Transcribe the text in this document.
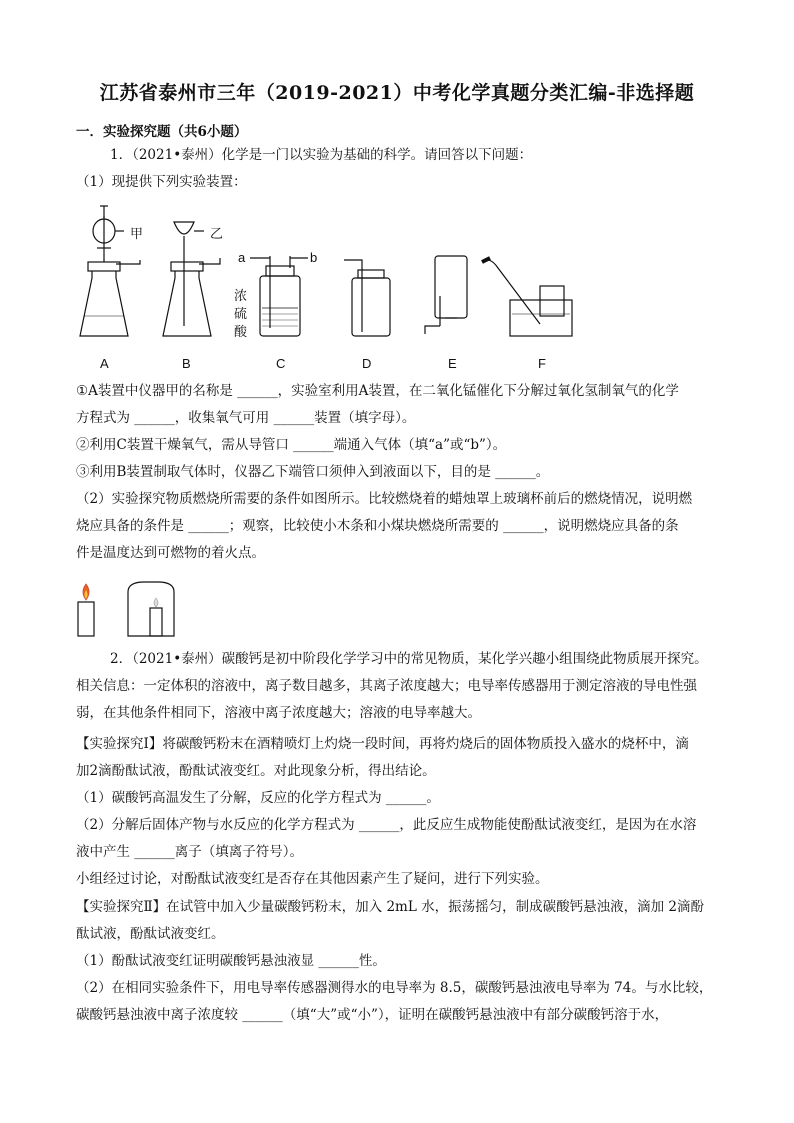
江苏省泰州市三年（2019-2021）中考化学真题分类汇编-非选择题
一．实验探究题（共6小题）
1．（2021•泰州）化学是一门以实验为基础的科学。请回答以下问题：
（1）现提供下列实验装置：
甲	乙
a	b
浓
硫
酸
A	B	C	D	E	F
①A装置中仪器甲的名称是 ______，实验室利用A装置，在二氧化锰催化下分解过氧化氢制氧气的化学
方程式为 ______，收集氧气可用 ______装置（填字母）。
②利用C装置干燥氧气，需从导管口 ______端通入气体（填“a”或“b”）。
③利用B装置制取气体时，仪器乙下端管口须伸入到液面以下，目的是 ______。
（2）实验探究物质燃烧所需要的条件如图所示。比较燃烧着的蜡烛罩上玻璃杯前后的燃烧情况，说明燃
烧应具备的条件是 ______；观察，比较使小木条和小煤块燃烧所需要的 ______，说明燃烧应具备的条
件是温度达到可燃物的着火点。
2．（2021•泰州）碳酸钙是初中阶段化学学习中的常见物质，某化学兴趣小组围绕此物质展开探究。
相关信息：一定体积的溶液中，离子数目越多，其离子浓度越大；电导率传感器用于测定溶液的导电性强
弱，在其他条件相同下，溶液中离子浓度越大；溶液的电导率越大。
【实验探究Ⅰ】将碳酸钙粉末在酒精喷灯上灼烧一段时间，再将灼烧后的固体物质投入盛水的烧杯中，滴
加2滴酚酞试液，酚酞试液变红。对此现象分析，得出结论。
（1）碳酸钙高温发生了分解，反应的化学方程式为 ______。
（2）分解后固体产物与水反应的化学方程式为 ______，此反应生成物能使酚酞试液变红，是因为在水溶
液中产生 ______离子（填离子符号）。
小组经过讨论，对酚酞试液变红是否存在其他因素产生了疑问，进行下列实验。
【实验探究Ⅱ】在试管中加入少量碳酸钙粉末，加入 2mL 水，振荡摇匀，制成碳酸钙悬浊液，滴加 2滴酚
酞试液，酚酞试液变红。
（1）酚酞试液变红证明碳酸钙悬浊液显 ______性。
（2）在相同实验条件下，用电导率传感器测得水的电导率为 8.5，碳酸钙悬浊液电导率为 74。与水比较，
碳酸钙悬浊液中离子浓度较 ______（填“大”或“小”），证明在碳酸钙悬浊液中有部分碳酸钙溶于水，
